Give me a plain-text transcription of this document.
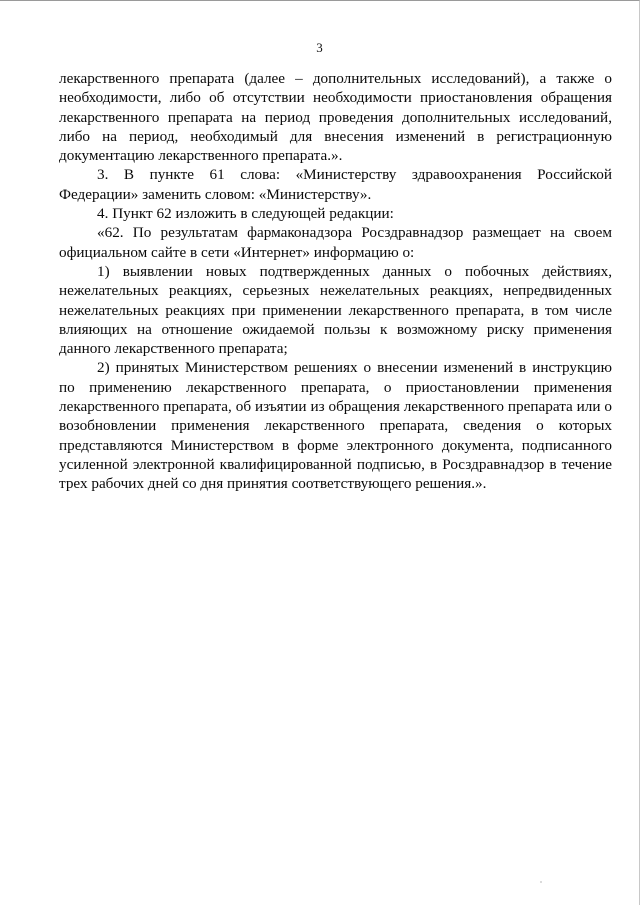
3

лекарственного препарата (далее – дополнительных исследований), а также о необходимости, либо об отсутствии необходимости приостановления обращения лекарственного препарата на период проведения дополнительных исследований, либо на период, необходимый для внесения изменений в регистрационную документацию лекарственного препарата.».

3. В пункте 61 слова: «Министерству здравоохранения Российской Федерации» заменить словом: «Министерству».

4. Пункт 62 изложить в следующей редакции:

«62. По результатам фармаконадзора Росздравнадзор размещает на своем официальном сайте в сети «Интернет» информацию о:

1) выявлении новых подтвержденных данных о побочных действиях, нежелательных реакциях, серьезных нежелательных реакциях, непредвиденных нежелательных реакциях при применении лекарственного препарата, в том числе влияющих на отношение ожидаемой пользы к возможному риску применения данного лекарственного препарата;

2) принятых Министерством решениях о внесении изменений в инструкцию по применению лекарственного препарата, о приостановлении применения лекарственного препарата, об изъятии из обращения лекарственного препарата или о возобновлении применения лекарственного препарата, сведения о которых представляются Министерством в форме электронного документа, подписанного усиленной электронной квалифицированной подписью, в Росздравнадзор в течение трех рабочих дней со дня принятия соответствующего решения.».
